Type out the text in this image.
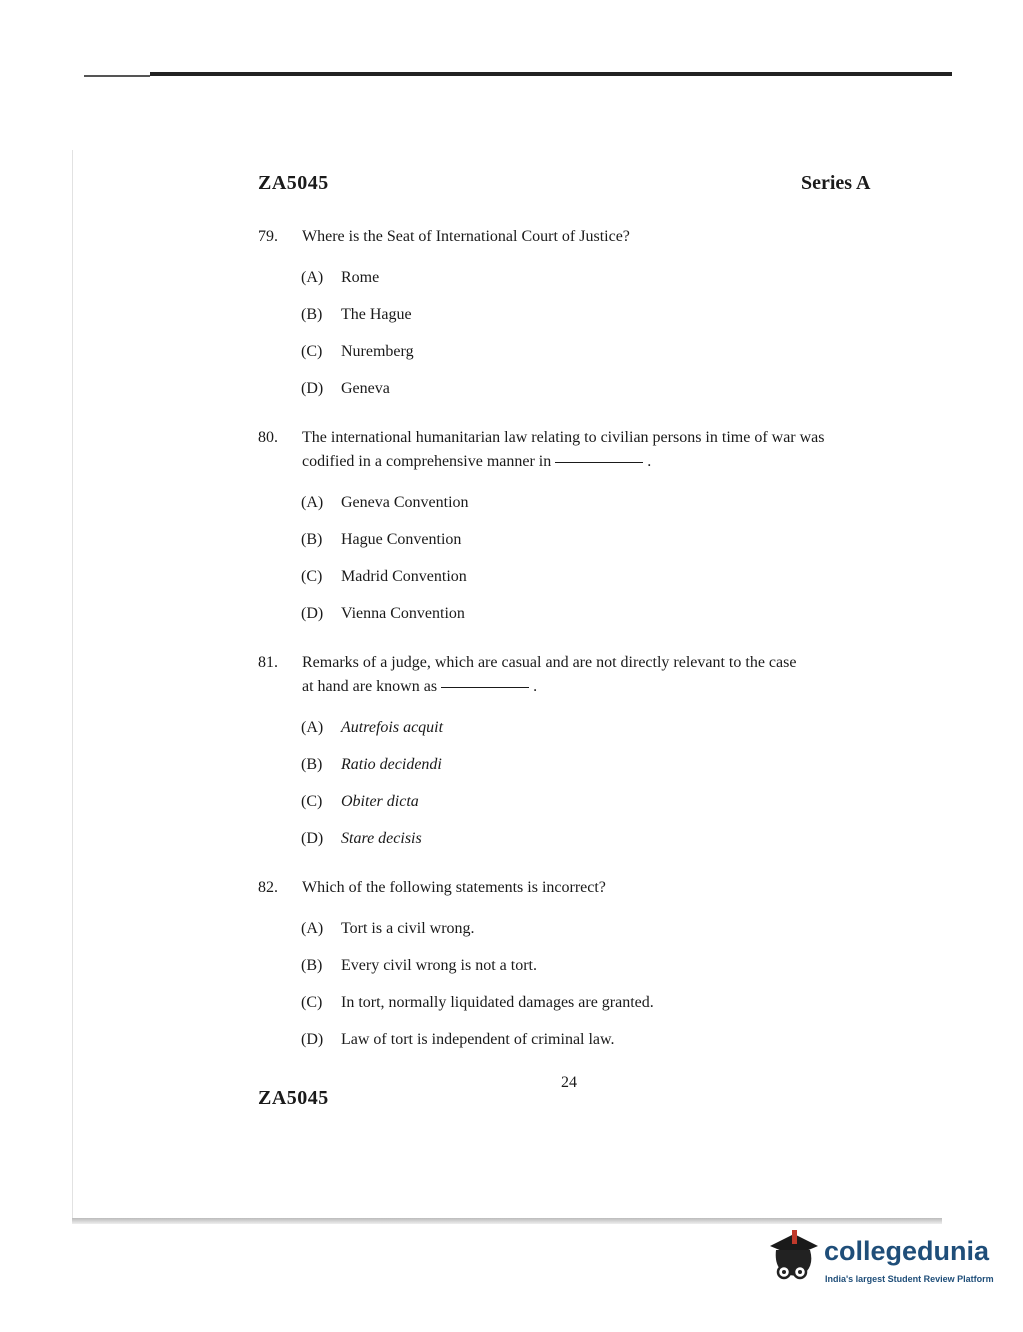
ZA5045	Series A
79. Where is the Seat of International Court of Justice?
(A) Rome
(B) The Hague
(C) Nuremberg
(D) Geneva
80. The international humanitarian law relating to civilian persons in time of war was
codified in a comprehensive manner in	.
(A) Geneva Convention
(B) Hague Convention
(C) Madrid Convention
(D) Vienna Convention
81. Remarks of a judge, which are casual and are not directly relevant to the case
at hand are known as	.
(A) Autrefois acquit
(B) Ratio decidendi
(C) Obiter dicta
(D) Stare decisis
82. Which of the following statements is incorrect?
(A) Tort is a civil wrong.
(B) Every civil wrong is not a tort.
(C) In tort, normally liquidated damages are granted.
(D) Law of tort is independent of criminal law.
24
ZA5045
collegedunia
India's largest Student Review Platform
